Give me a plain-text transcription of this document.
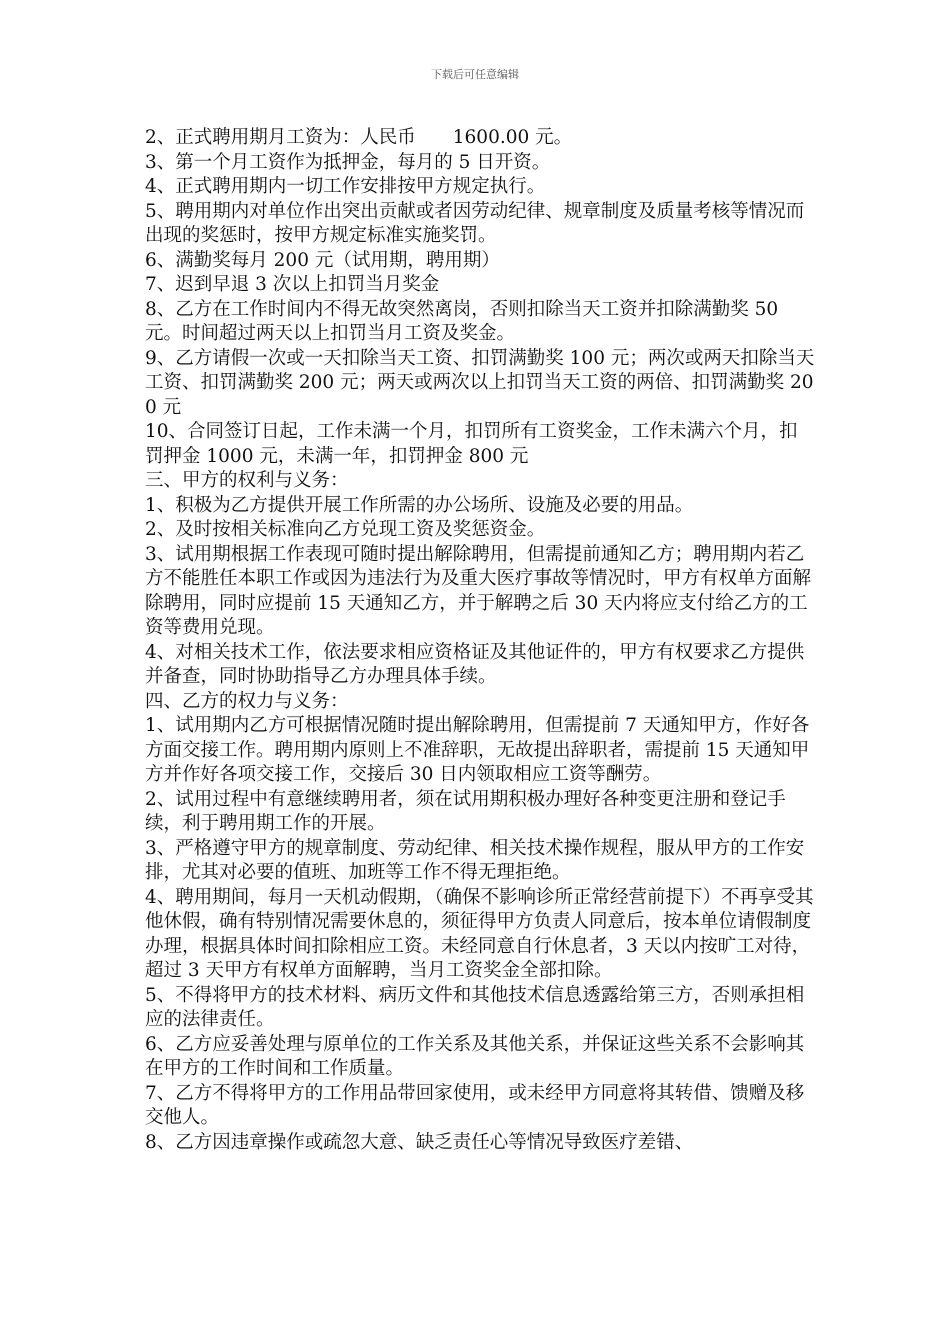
下载后可任意编辑

2、正式聘用期月工资为：人民币　　1600.00 元。

3、第一个月工资作为抵押金，每月的 5 日开资。

4、正式聘用期内一切工作安排按甲方规定执行。

5、聘用期内对单位作出突出贡献或者因劳动纪律、规章制度及质量考核等情况而出现的奖惩时，按甲方规定标准实施奖罚。

6、满勤奖每月 200 元（试用期，聘用期）

7、迟到早退 3 次以上扣罚当月奖金

8、乙方在工作时间内不得无故突然离岗，否则扣除当天工资并扣除满勤奖 50 元。时间超过两天以上扣罚当月工资及奖金。

9、乙方请假一次或一天扣除当天工资、扣罚满勤奖 100 元；两次或两天扣除当天工资、扣罚满勤奖 200 元；两天或两次以上扣罚当天工资的两倍、扣罚满勤奖 200 元

10、合同签订日起，工作未满一个月，扣罚所有工资奖金，工作未满六个月，扣罚押金 1000 元，未满一年，扣罚押金 800 元

三、甲方的权利与义务：

1、积极为乙方提供开展工作所需的办公场所、设施及必要的用品。

2、及时按相关标准向乙方兑现工资及奖惩资金。

3、试用期根据工作表现可随时提出解除聘用，但需提前通知乙方；聘用期内若乙方不能胜任本职工作或因为违法行为及重大医疗事故等情况时，甲方有权单方面解除聘用，同时应提前 15 天通知乙方，并于解聘之后 30 天内将应支付给乙方的工资等费用兑现。

4、对相关技术工作，依法要求相应资格证及其他证件的，甲方有权要求乙方提供并备查，同时协助指导乙方办理具体手续。

四、乙方的权力与义务：

1、试用期内乙方可根据情况随时提出解除聘用，但需提前 7 天通知甲方，作好各方面交接工作。聘用期内原则上不准辞职，无故提出辞职者，需提前 15 天通知甲方并作好各项交接工作，交接后 30 日内领取相应工资等酬劳。

2、试用过程中有意继续聘用者，须在试用期积极办理好各种变更注册和登记手续，利于聘用期工作的开展。

3、严格遵守甲方的规章制度、劳动纪律、相关技术操作规程，服从甲方的工作安排，尤其对必要的值班、加班等工作不得无理拒绝。

4、聘用期间，每月一天机动假期，（确保不影响诊所正常经营前提下）不再享受其他休假，确有特别情况需要休息的，须征得甲方负责人同意后，按本单位请假制度办理，根据具体时间扣除相应工资。未经同意自行休息者，3 天以内按旷工对待，超过 3 天甲方有权单方面解聘，当月工资奖金全部扣除。

5、不得将甲方的技术材料、病历文件和其他技术信息透露给第三方，否则承担相应的法律责任。

6、乙方应妥善处理与原单位的工作关系及其他关系，并保证这些关系不会影响其在甲方的工作时间和工作质量。

7、乙方不得将甲方的工作用品带回家使用，或未经甲方同意将其转借、馈赠及移交他人。

8、乙方因违章操作或疏忽大意、缺乏责任心等情况导致医疗差错、
